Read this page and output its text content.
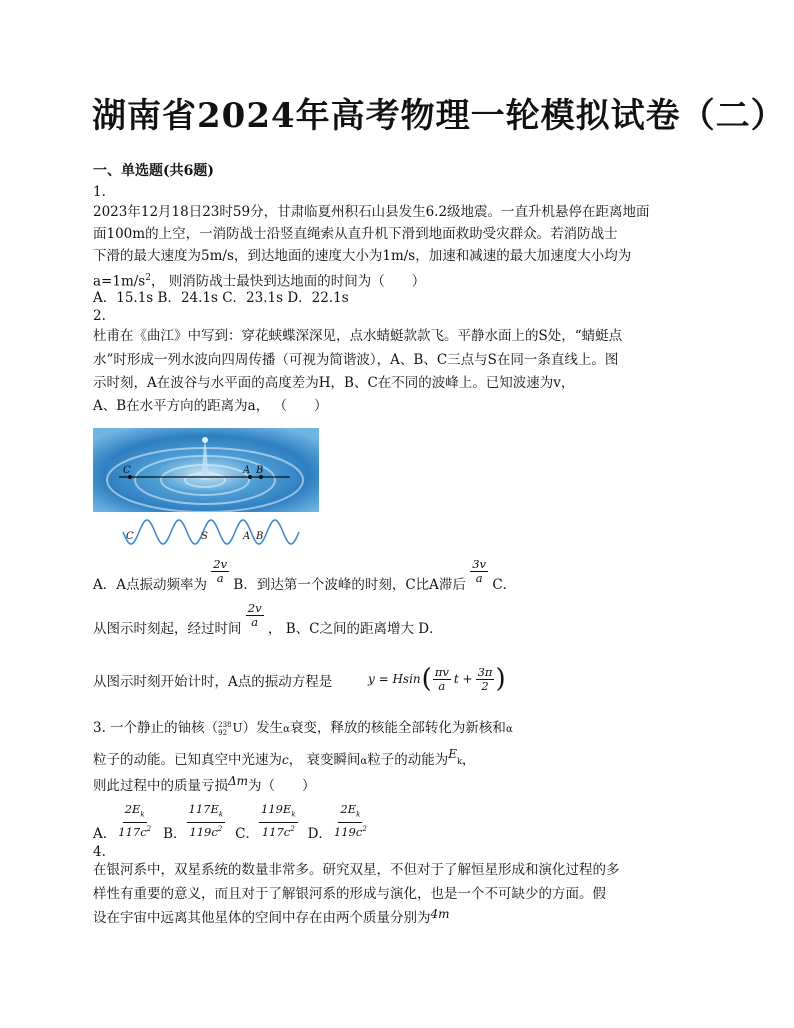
湖南省2024年高考物理一轮模拟试卷（二）
一、单选题(共6题)
1.
2023年12月18日23时59分，甘肃临夏州积石山县发生6.2级地震。一直升机悬停在距离地面
面100m的上空，一消防战士沿竖直绳索从直升机下滑到地面救助受灾群众。若消防战士
下滑的最大速度为5m/s，到达地面的速度大小为1m/s，加速和减速的最大加速度大小均为
$a=1m/s^2$， 则消防战士最快到达地面的时间为（　　）
A．15.1s B．24.1s C．23.1s D．22.1s
2.
杜甫在《曲江》中写到：穿花蛱蝶深深见，点水蜻蜓款款飞。平静水面上的S处，“蜻蜓点
水”时形成一列水波向四周传播（可视为简谐波），A、B、C三点与S在同一条直线上。图
示时刻，A在波谷与水平面的高度差为H，B、C在不同的波峰上。已知波速为v，
A、B在水平方向的距离为a， （　　）
C	A B
C	S	A B
A．A点振动频率为 $\frac{2v}{a}$ B．到达第一个波峰的时刻，C比A滞后 $\frac{3v}{a}$ C．
从图示时刻起，经过时间 $\frac{2v}{a}$ ， B、C之间的距离增大 D．
从图示时刻开始计时，A点的振动方程是	y = Hsin ( $\frac{\pi v}{a}$ $t + \frac{3\pi}{2}$ )
3. 一个静止的铀核（ 238
92 U）发生α衰变，释放的核能全部转化为新核和α
粒子的动能。已知真空中光速为c， 衰变瞬间α粒子的动能为$E_k$，
则此过程中的质量亏损Δm为（　　）
A． $\frac{2E_k}{117c^2}$ B． $\frac{117E_k}{119c^2}$ C． $\frac{119E_k}{117c^2}$ D． $\frac{2E_k}{119c^2}$
4.
在银河系中，双星系统的数量非常多。研究双星，不但对于了解恒星形成和演化过程的多
样性有重要的意义，而且对于了解银河系的形成与演化，也是一个不可缺少的方面。假
设在宇宙中远离其他星体的空间中存在由两个质量分别为4m
